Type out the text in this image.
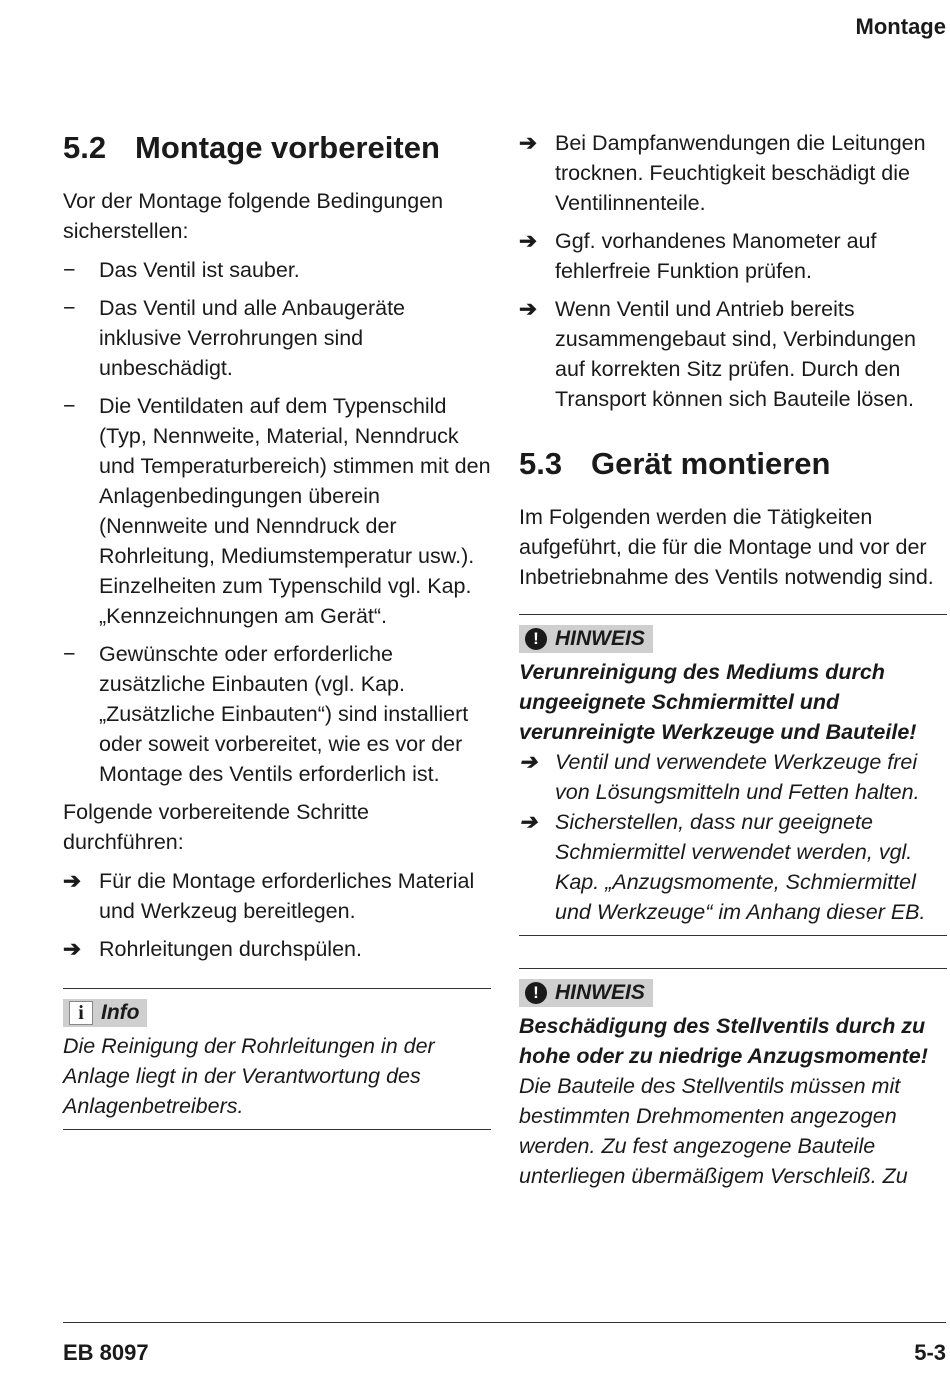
Montage
5.2 Montage vorbereiten

Vor der Montage folgende Bedingungen sicherstellen:

− Das Ventil ist sauber.
− Das Ventil und alle Anbaugeräte inklusive Verrohrungen sind unbeschädigt.
− Die Ventildaten auf dem Typenschild (Typ, Nennweite, Material, Nenndruck und Temperaturbereich) stimmen mit den Anlagenbedingungen überein (Nennweite und Nenndruck der Rohrleitung, Mediumstemperatur usw.). Einzelheiten zum Typenschild vgl. Kap. „Kennzeichnungen am Gerät“.
− Gewünschte oder erforderliche zusätzliche Einbauten (vgl. Kap. „Zusätzliche Einbauten“) sind installiert oder soweit vorbereitet, wie es vor der Montage des Ventils erforderlich ist.

Folgende vorbereitende Schritte durchführen:

➔ Für die Montage erforderliches Material und Werkzeug bereitlegen.
➔ Rohrleitungen durchspülen.
i Info

Die Reinigung der Rohrleitungen in der Anlage liegt in der Verantwortung des Anlagenbetreibers.

➔ Bei Dampfanwendungen die Leitungen trocknen. Feuchtigkeit beschädigt die Ventilinnenteile.
➔ Ggf. vorhandenes Manometer auf fehlerfreie Funktion prüfen.
➔ Wenn Ventil und Antrieb bereits zusammengebaut sind, Verbindungen auf korrekten Sitz prüfen. Durch den Transport können sich Bauteile lösen.
5.3 Gerät montieren

Im Folgenden werden die Tätigkeiten aufgeführt, die für die Montage und vor der Inbetriebnahme des Ventils notwendig sind.

! HINWEIS

Verunreinigung des Mediums durch ungeeignete Schmiermittel und verunreinigte Werkzeuge und Bauteile!

➔ Ventil und verwendete Werkzeuge frei von Lösungsmitteln und Fetten halten.
➔ Sicherstellen, dass nur geeignete Schmiermittel verwendet werden, vgl. Kap. „Anzugsmomente, Schmiermittel und Werkzeuge“ im Anhang dieser EB.
! HINWEIS

Beschädigung des Stellventils durch zu hohe oder zu niedrige Anzugsmomente!

Die Bauteile des Stellventils müssen mit bestimmten Drehmomenten angezogen werden. Zu fest angezogene Bauteile unterliegen übermäßigem Verschleiß. Zu

EB 8097	5-3
